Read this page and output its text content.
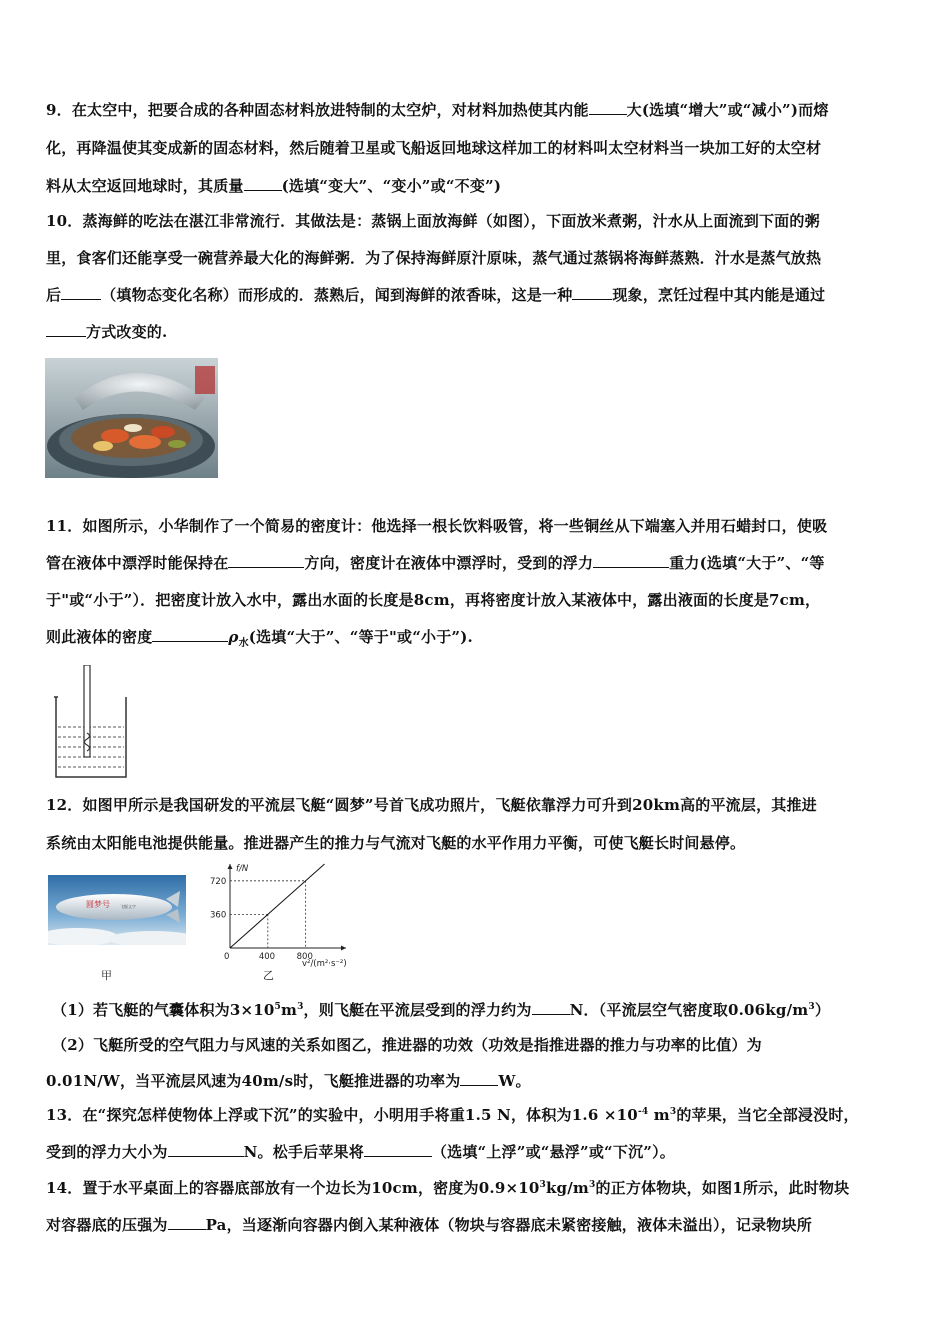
9．在太空中，把要合成的各种固态材料放进特制的太空炉，对材料加热使其内能	大(选填“增大”或“减小”)而熔
化，再降温使其变成新的固态材料，然后随着卫星或飞船返回地球这样加工的材料叫太空材料当一块加工好的太空材
料从太空返回地球时，其质量	(选填“变大”、“变小”或“不变”)
10．蒸海鲜的吃法在湛江非常流行．其做法是：蒸锅上面放海鲜（如图），下面放米煮粥，汁水从上面流到下面的粥
里，食客们还能享受一碗营养最大化的海鲜粥．为了保持海鲜原汁原味，蒸气通过蒸锅将海鲜蒸熟．汁水是蒸气放热
后	（填物态变化名称）而形成的．蒸熟后，闻到海鲜的浓香味，这是一种	现象，烹饪过程中其内能是通过
方式改变的.
11．如图所示，小华制作了一个简易的密度计：他选择一根长饮料吸管，将一些铜丝从下端塞入并用石蜡封口，使吸
管在液体中漂浮时能保持在	方向，密度计在液体中漂浮时，受到的浮力	重力(选填“大于”、“等
于"或“小于”）．把密度计放入水中，露出水面的长度是8cm，再将密度计放入某液体中，露出液面的长度是7cm，
则此液体的密度	$\rho_水$(选填“大于”、“等于"或“小于”).
12．如图甲所示是我国研发的平流层飞艇“圆梦”号首飞成功照片，飞艇依靠浮力可升到20km高的平流层，其推进
系统由太阳能电池提供能量。推进器产生的推力与气流对飞艇的水平作用力平衡，可使飞艇长时间悬停。
圆梦号	飞艇文字
甲
f/N
v²/(m²·s⁻²)
0	400
360
800
720
乙
（1）若飞艇的气囊体积为$3\times 10^5m^3$，则飞艇在平流层受到的浮力约为	N．（平流层空气密度取$0.06kg/m^3$）
（2）飞艇所受的空气阻力与风速的关系如图乙，推进器的功效（功效是指推进器的推力与功率的比值）为
0.01N/W，当平流层风速为40m/s时，飞艇推进器的功率为	W。
13．在“探究怎样使物体上浮或下沉”的实验中，小明用手将重1.5 N，体积为$1.6 \times 10^{-4}$ $m^3$的苹果，当它全部浸没时，
受到的浮力大小为	N。松手后苹果将	（选填“上浮”或“悬浮”或“下沉”）。
14．置于水平桌面上的容器底部放有一个边长为10cm，密度为$0.9\times 10^3kg/m^3$的正方体物块，如图1所示，此时物块
对容器底的压强为	Pa，当逐渐向容器内倒入某种液体（物块与容器底未紧密接触，液体未溢出），记录物块所
